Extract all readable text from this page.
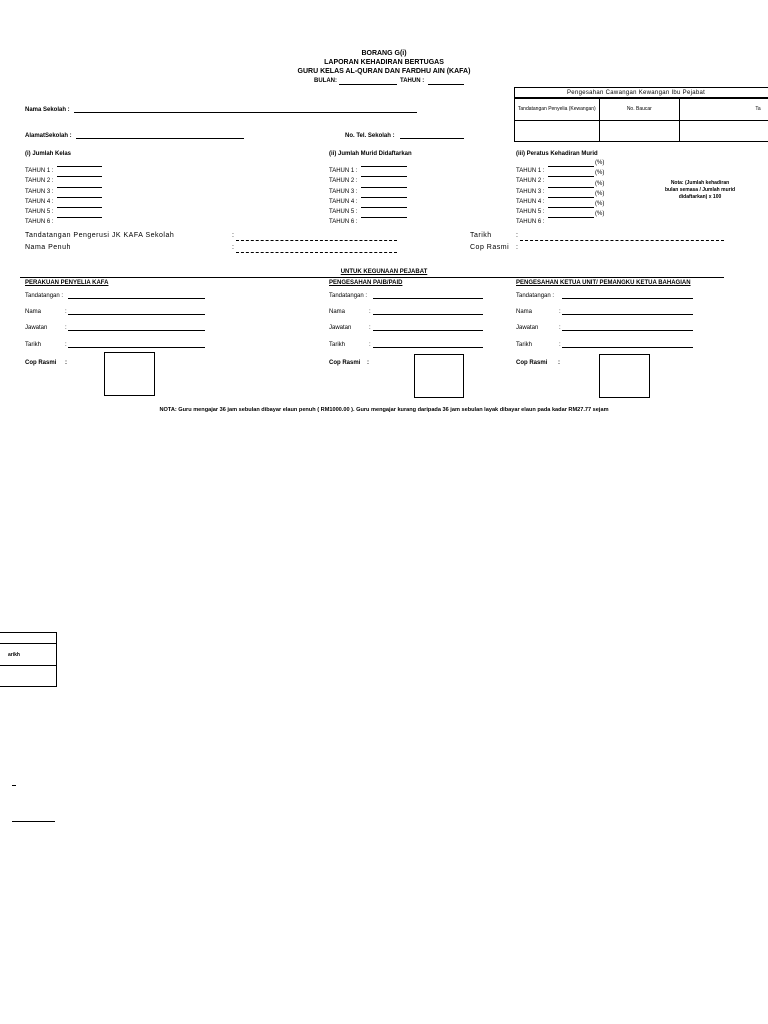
BORANG G(i)
LAPORAN KEHADIRAN BERTUGAS
GURU KELAS AL-QURAN DAN FARDHU AIN (KAFA)
BULAN:	TAHUN :
Pengesahan Cawangan Kewangan Ibu Pejabat
Tandatangan Penyelia (Kewangan)	No. Baucar	Ta

Nama Sekolah :
AlamatSekolah :	No. Tel. Sekolah :
(i) Jumlah Kelas
TAHUN 1 :
TAHUN 2 :
TAHUN 3 :
TAHUN 4 :
TAHUN 5 :
TAHUN 6 :
(ii) Jumlah Murid Didaftarkan
TAHUN 1 :
TAHUN 2 :
TAHUN 3 :
TAHUN 4 :
TAHUN 5 :
TAHUN 6 :
(iii) Peratus Kehadiran Murid
TAHUN 1 :
(%)
TAHUN 2 :
(%)
TAHUN 3 :
(%)
TAHUN 4 :
(%)
TAHUN 5 :
(%)
TAHUN 6 :
(%)
Nota: (Jumlah kehadiran
bulan semasa / Jumlah murid
didaftarkan) x 100
Tandatangan Pengerusi JK KAFA Sekolah	:	Tarikh	:
Nama Penuh	:	Cop Rasmi :
UNTUK KEGUNAAN PEJABAT
PERAKUAN PENYELIA KAFA
Tandatangan :
Nama	:
Jawatan	:
Tarikh	:
Cop Rasmi :
PENGESAHAN PAIB/PAID
Tandatangan :
Nama	:
Jawatan	:
Tarikh	:
Cop Rasmi :
PENGESAHAN KETUA UNIT/ PEMANGKU KETUA BAHAGIAN
Tandatangan :
Nama	:
Jawatan	:
Tarikh	:
Cop Rasmi :
NOTA: Guru mengajar 36 jam sebulan dibayar elaun penuh ( RM1000.00 ). Guru mengajar kurang daripada 36 jam sebulan layak dibayar elaun pada kadar RM27.77 sejam
arikh
